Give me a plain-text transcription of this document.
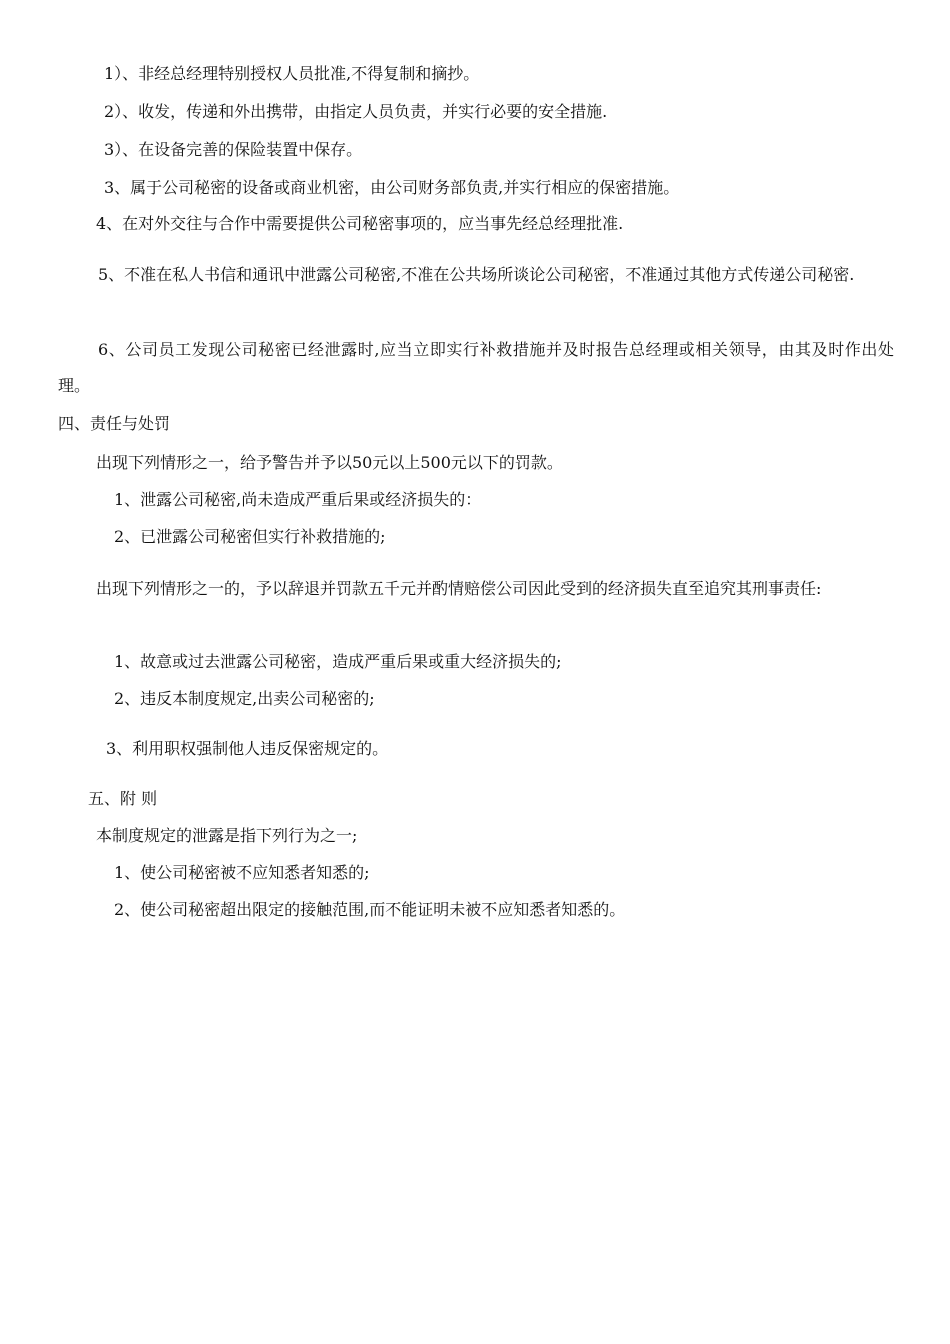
1）、非经总经理特别授权人员批准,不得复制和摘抄。
2）、收发，传递和外出携带，由指定人员负责，并实行必要的安全措施.
3）、在设备完善的保险装置中保存。
3、属于公司秘密的设备或商业机密，由公司财务部负责,并实行相应的保密措施。
4、在对外交往与合作中需要提供公司秘密事项的，应当事先经总经理批准.
5、不准在私人书信和通讯中泄露公司秘密,不准在公共场所谈论公司秘密，不准通过其他方式传递公司秘密.
6、公司员工发现公司秘密已经泄露时,应当立即实行补救措施并及时报告总经理或相关领导，由其及时作出处理。
四、责任与处罚
出现下列情形之一，给予警告并予以50元以上500元以下的罚款。
1、泄露公司秘密,尚未造成严重后果或经济损失的：
2、已泄露公司秘密但实行补救措施的;
出现下列情形之一的，予以辞退并罚款五千元并酌情赔偿公司因此受到的经济损失直至追究其刑事责任:
1、故意或过去泄露公司秘密，造成严重后果或重大经济损失的;
2、违反本制度规定,出卖公司秘密的;
3、利用职权强制他人违反保密规定的。
五、附 则
本制度规定的泄露是指下列行为之一;
1、使公司秘密被不应知悉者知悉的;
2、使公司秘密超出限定的接触范围,而不能证明未被不应知悉者知悉的。
